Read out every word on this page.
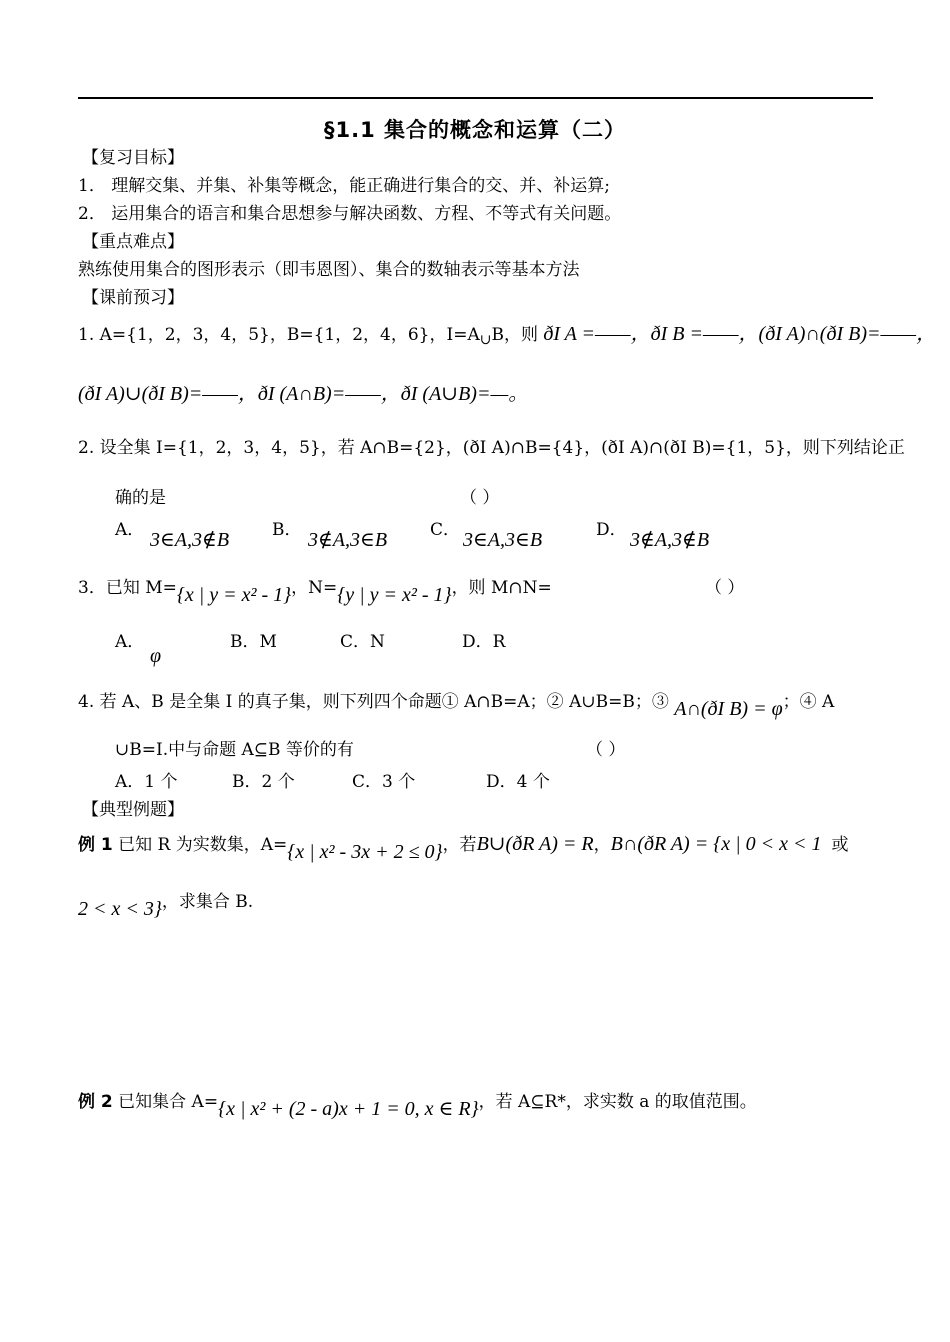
§1.1 集合的概念和运算（二）
【复习目标】
1． 理解交集、并集、补集等概念，能正确进行集合的交、并、补运算;
2． 运用集合的语言和集合思想参与解决函数、方程、不等式有关问题。
【重点难点】
熟练使用集合的图形表示（即韦恩图）、集合的数轴表示等基本方法
【课前预习】
1. A={1，2，3，4，5}，B={1，2，4，6}，$I=A_\cup B$，则 ðI A =——，ðI B =——，(ðI A)∩(ðI B)=——，
(ðI A)∪(ðI B)=——，ðI (A∩B)=——，ðI (A∪B)=—。
2. 设全集 I={1，2，3，4，5}，若 A∩B={2}，(ðI A)∩B={4}，(ðI A)∩(ðI B)={1，5}，则下列结论正
确的是	（ ）
A． 3∈A,3∉B	B． 3∉A,3∈B	C． 3∈A,3∈B	D． 3∉A,3∉B
3．已知 M={x | y = x² - 1}，N={y | y = x² - 1}，则 M∩N=	（ ）
A．
φ
B．M	C．N	D．R
4. 若 A、B 是全集 I 的真子集，则下列四个命题① A∩B=A；② A∪B=B；③ A∩(ðI B) = φ；④ A
∪B=I.中与命题 A⊆B 等价的有	（ ）
A．1 个	B．2 个	C．3 个	D．4 个
【典型例题】
例 1 已知 R 为实数集，A={x | x² - 3x + 2 ≤ 0}，若B∪(ðR A) = R，B∩(ðR A) = {x | 0 < x < 1 或
2 < x < 3}，求集合 B.
例 2 已知集合 A={x | x² + (2 - a)x + 1 = 0, x ∈ R}，若 A⊆R*，求实数 a 的取值范围。
